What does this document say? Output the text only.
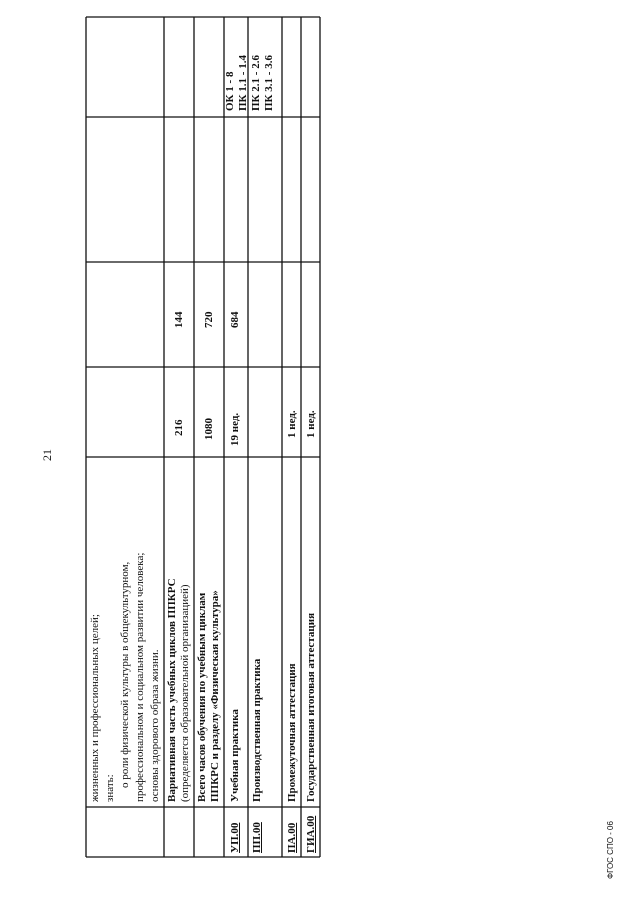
21
ФГОС СПО - 06
жизненных и профессиональных целей; знать:
о роли физической культуры в общекультурном, профессиональном и социальном развитии человека; основы здорового образа жизни. Вариативная часть учебных циклов ППКРС (определяется образовательной организацией)
216
144
Всего часов обучения по учебным циклам ППКРС и разделу «Физическая культура»
1080
720
УП.00
Учебная практика
19 нед.
684
ПП.00
Производственная практика
ОК 1 - 8 ПК 1.1 - 1.4 ПК 2.1 - 2.6 ПК 3.1 - 3.6
ПА.00
Промежуточная аттестация
1 нед.
ГИА.00
Государственная итоговая аттестация
1 нед.
